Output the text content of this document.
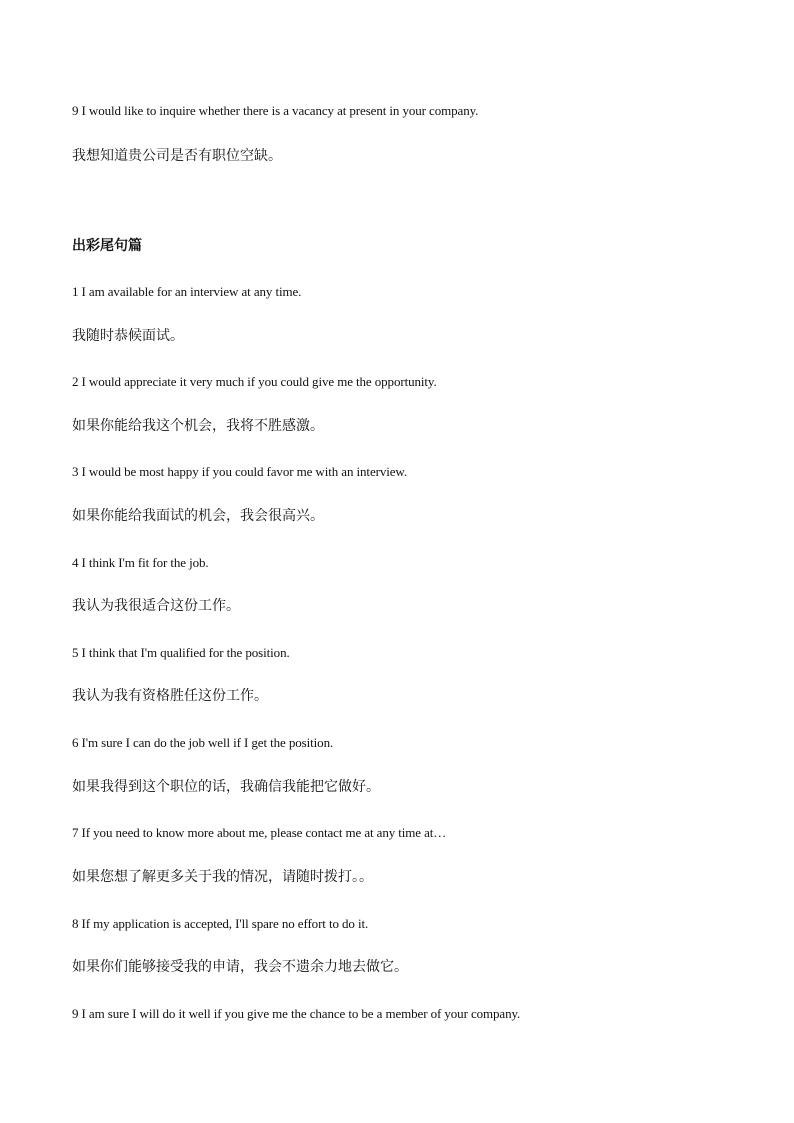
9 I would like to inquire whether there is a vacancy at present in your company.
我想知道贵公司是否有职位空缺。
出彩尾句篇
1 I am available for an interview at any time.
我随时恭候面试。
2 I would appreciate it very much if you could give me the opportunity.
如果你能给我这个机会，我将不胜感激。
3 I would be most happy if you could favor me with an interview.
如果你能给我面试的机会，我会很高兴。
4 I think I'm fit for the job.
我认为我很适合这份工作。
5 I think that I'm qualified for the position.
我认为我有资格胜任这份工作。
6 I'm sure I can do the job well if I get the position.
如果我得到这个职位的话，我确信我能把它做好。
7 If you need to know more about me, please contact me at any time at…
如果您想了解更多关于我的情况，请随时拨打。。
8 If my application is accepted, I'll spare no effort to do it.
如果你们能够接受我的申请，我会不遗余力地去做它。
9 I am sure I will do it well if you give me the chance to be a member of your company.
